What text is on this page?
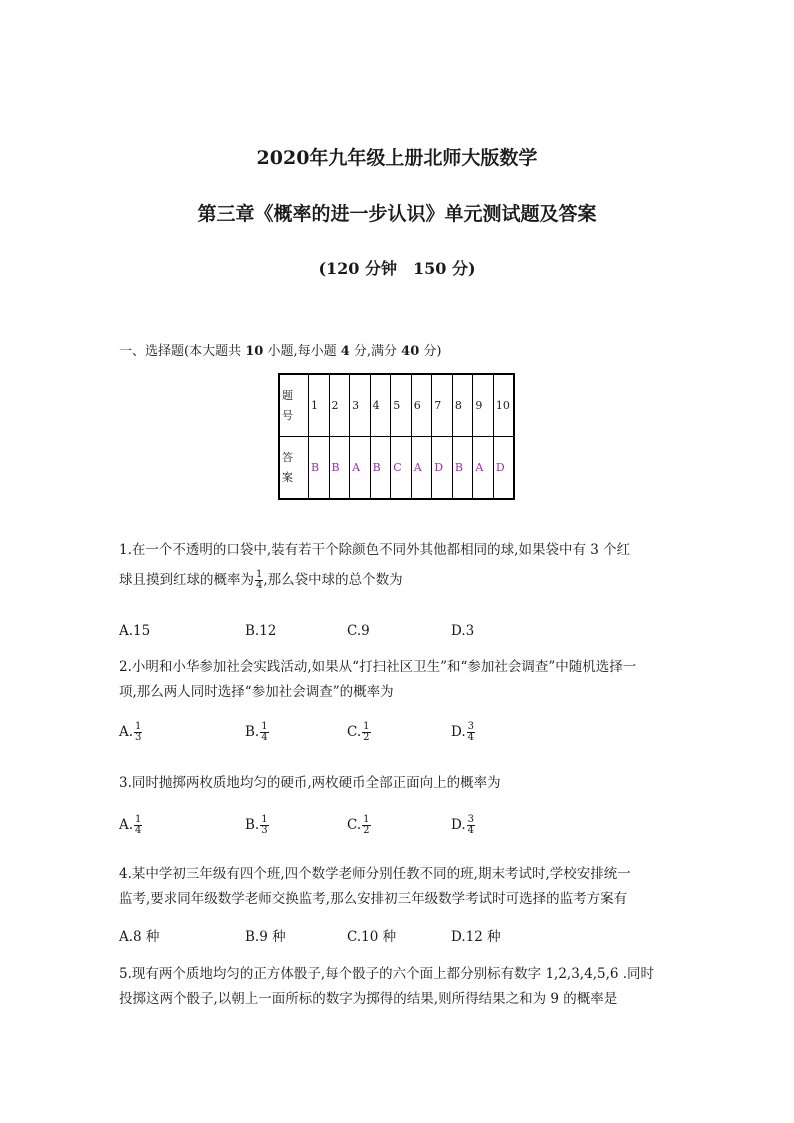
2020年九年级上册北师大版数学
第三章《概率的进一步认识》单元测试题及答案
(120 分钟　150 分)
一、选择题(本大题共 10 小题,每小题 4 分,满分 40 分)
题
号	1	2	3	4	5	6	7	8	9	10

答
案	B	B	A	B	C	A	D	B	A	D
1.在一个不透明的口袋中,装有若干个除颜色不同外其他都相同的球,如果袋中有 3 个红
球且摸到红球的概率为 $\frac{1}{4}$ ,那么袋中球的总个数为
A.15	B.12	C.9	D.3
2.小明和小华参加社会实践活动,如果从“打扫社区卫生”和“参加社会调查”中随机选择一
项,那么两人同时选择“参加社会调查”的概率为
A. $\frac{1}{3}$	B. $\frac{1}{4}$	C. $\frac{1}{2}$	D. $\frac{3}{4}$
3.同时抛掷两枚质地均匀的硬币,两枚硬币全部正面向上的概率为
A. $\frac{1}{4}$	B. $\frac{1}{3}$	C. $\frac{1}{2}$	D. $\frac{3}{4}$
4.某中学初三年级有四个班,四个数学老师分别任教不同的班,期末考试时,学校安排统一
监考,要求同年级数学老师交换监考,那么安排初三年级数学考试时可选择的监考方案有
A.8 种	B.9 种	C.10 种	D.12 种
5.现有两个质地均匀的正方体骰子,每个骰子的六个面上都分别标有数字 1,2,3,4,5,6 .同时
投掷这两个骰子,以朝上一面所标的数字为掷得的结果,则所得结果之和为 9 的概率是
